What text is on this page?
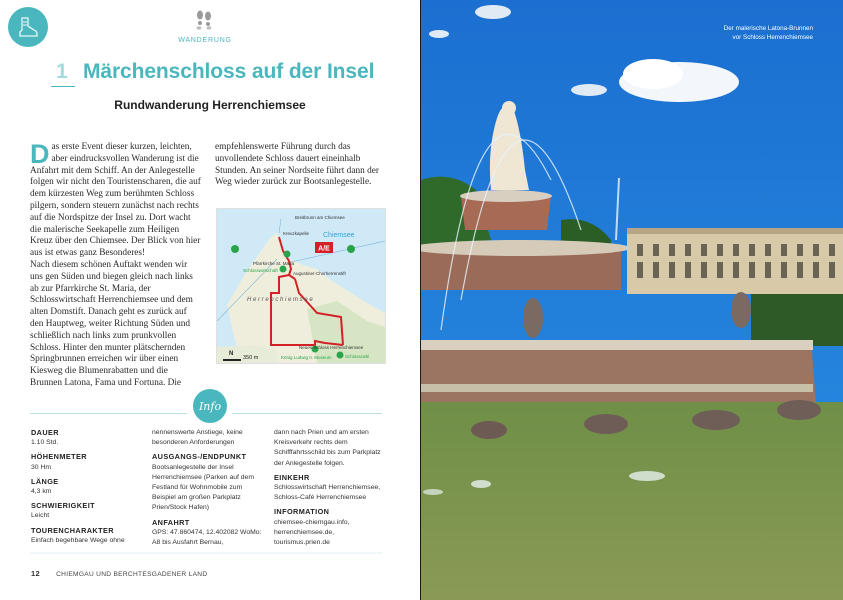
WANDERUNG
1 Märchenschloss auf der Insel
Rundwanderung Herrenchiemsee
D as erste Event dieser kurzen, leichten, aber eindrucksvollen Wanderung ist die Anfahrt mit dem Schiff. An der Anlegestelle folgen wir nicht den Touristenscharen, die auf dem kürzesten Weg zum berühmten Schloss pilgern, sondern steuern zunächst nach rechts auf die Nordspitze der Insel zu. Dort wacht die malerische Seekapelle zum Heiligen Kreuz über den Chiemsee. Der Blick von hier aus ist etwas ganz Besonderes!

Nach diesem schönen Auftakt wenden wir uns gen Süden und biegen gleich nach links ab zur Pfarrkirche St. Maria, der Schlosswirtschaft Herrenchiemsee und dem alten Domstift. Danach geht es zurück auf den Hauptweg, weiter Richtung Süden und schließlich nach links zum prunkvollen Schloss. Hinter den munter plätschernden Springbrunnen erreichen wir über einen Kiesweg die Blumenrabatten und die Brunnen Latona, Fama und Fortuna. Die

empfehlenswerte Führung durch das unvollendete Schloss dauert eineinhalb Stunden. An seiner Nordseite führt dann der Weg wieder zurück zur Bootsanlegestelle.

A/E
Breitbrunn am Chiemsee
Kreuzkapelle Chiemsee
Pfarrkirche St. Maria
Schlosswirtschaft
Augustiner-Chorherrenstift
H e r r e n c h i e m s e e
Neues Schloss Herrenchiemsee
König Ludwig II. Museum	Schlosscafé
N
350 m
Info
DAUER
1.10 Std.
HÖHENMETER
30 Hm
LÄNGE
4,3 km
SCHWIERIGKEIT
Leicht
TOURENCHARAKTER
Einfach begehbare Wege ohne
nennenswerte Anstiege, keine besonderen Anforderungen
AUSGANGS-/ENDPUNKT
Bootsanlegestelle der Insel Herrenchiemsee (Parken auf dem Festland für Wohnmobile zum Beispiel am großen Parkplatz Prien/Stock Hafen)
ANFAHRT
GPS: 47.860474, 12.402082 WoMo: A8 bis Ausfahrt Bernau,
dann nach Prien und am ersten Kreisverkehr rechts dem Schifffahrtsschild bis zum Parkplatz der Anlegestelle folgen.
EINKEHR
Schlosswirtschaft Herrenchiemsee, Schloss-Café Herrenchiemsee
INFORMATION
chiemsee-chiemgau.info, herrenchiemsee.de, tourismus.prien.de
12 CHIEMGAU UND BERCHTESGADENER LAND
Der malerische Latona-Brunnen
vor Schloss Herrenchiemsee
